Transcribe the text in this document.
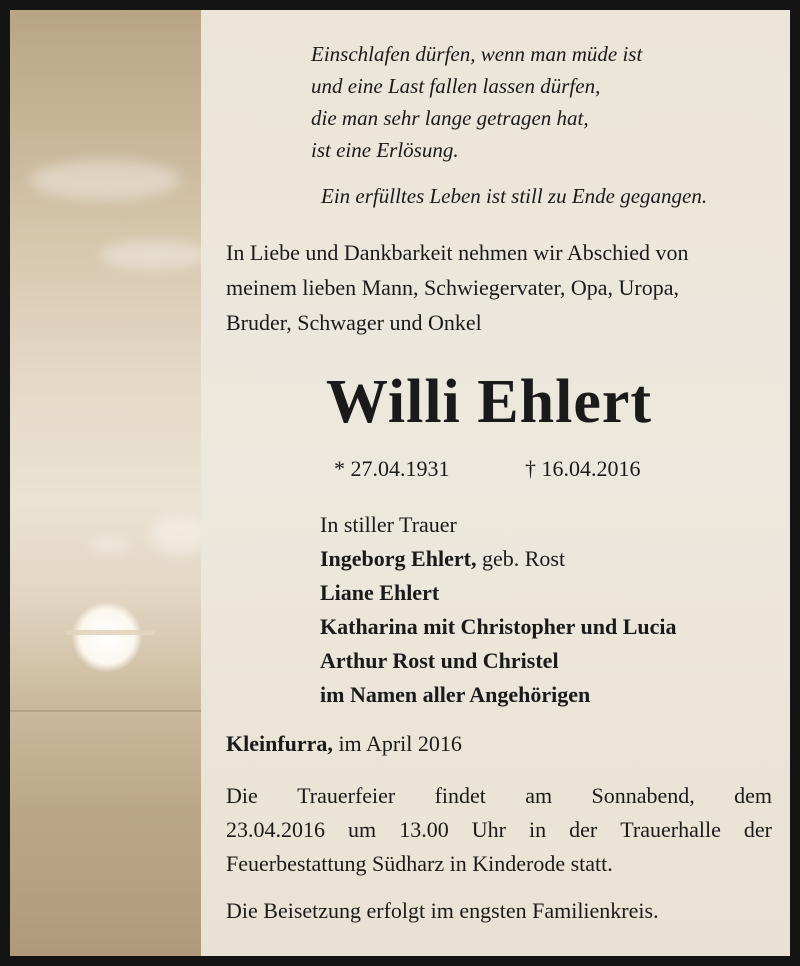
Einschlafen dürfen, wenn man müde ist
und eine Last fallen lassen dürfen,
die man sehr lange getragen hat,
ist eine Erlösung.
Ein erfülltes Leben ist still zu Ende gegangen.
In Liebe und Dankbarkeit nehmen wir Abschied von
meinem lieben Mann, Schwiegervater, Opa, Uropa,
Bruder, Schwager und Onkel
Willi Ehlert
* 27.04.1931	† 16.04.2016
In stiller Trauer
Ingeborg Ehlert, geb. Rost
Liane Ehlert
Katharina mit Christopher und Lucia
Arthur Rost und Christel
im Namen aller Angehörigen
Kleinfurra, im April 2016
Die Trauerfeier findet am Sonnabend, dem
23.04.2016 um 13.00 Uhr in der Trauerhalle der
Feuerbestattung Südharz in Kinderode statt.
Die Beisetzung erfolgt im engsten Familienkreis.
